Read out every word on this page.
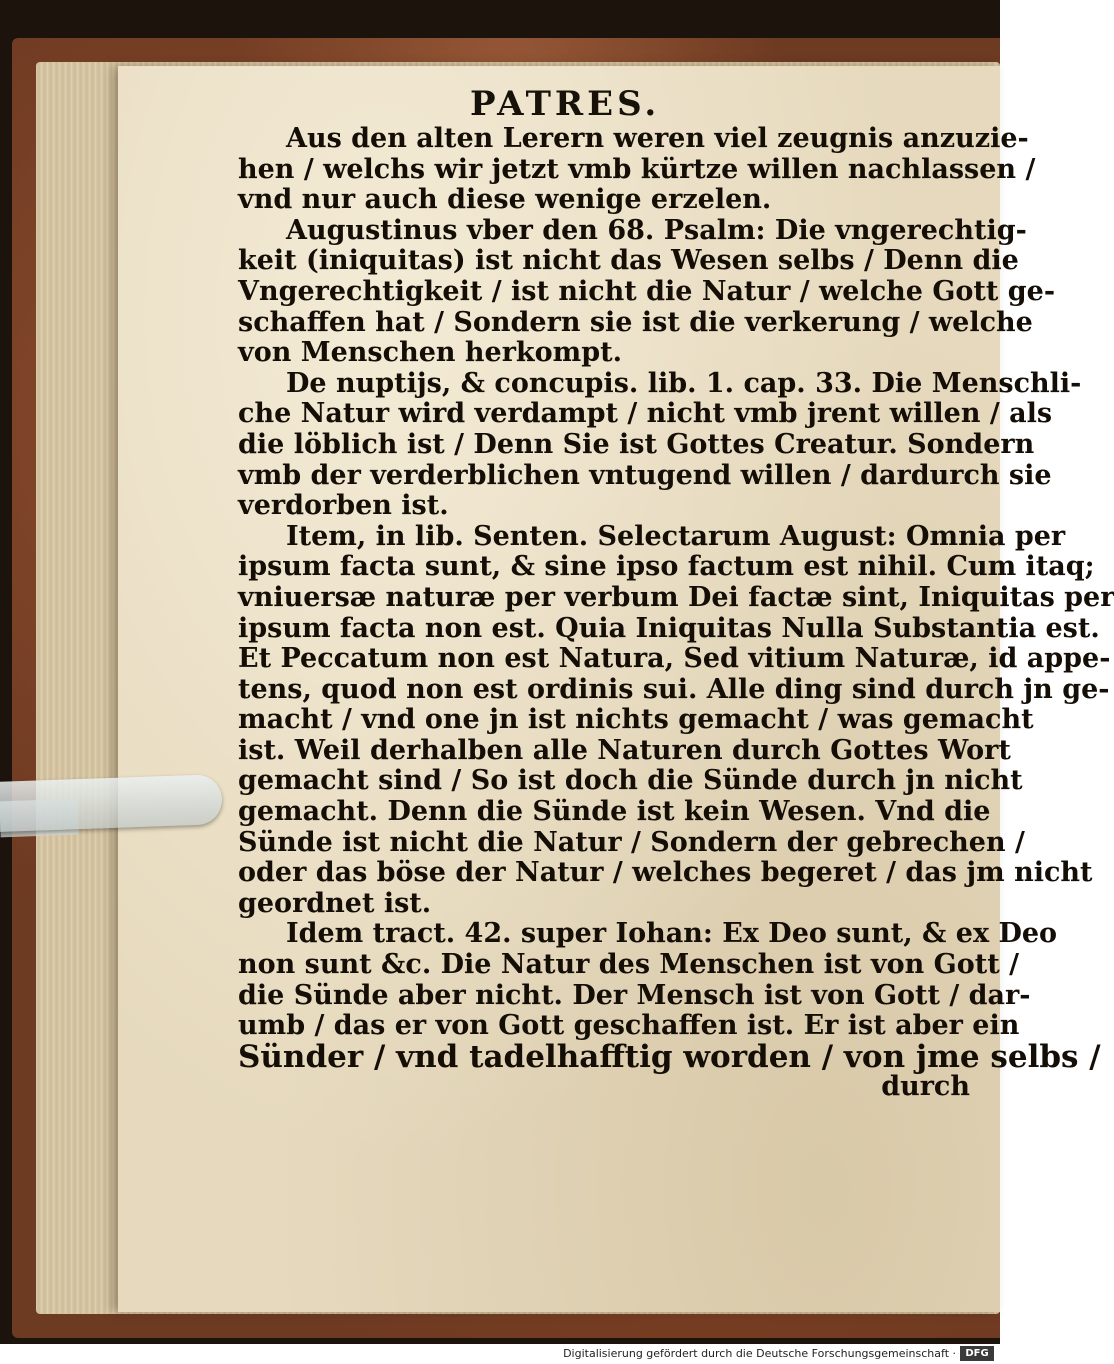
PATRES.
Aus den alten Lerern weren viel zeugnis anzuzie-
hen / welchs wir jetzt vmb kürtze willen nachlassen /
vnd nur auch diese wenige erzelen.
Augustinus vber den 68. Psalm: Die vngerechtig-
keit (iniquitas) ist nicht das Wesen selbs / Denn die
Vngerechtigkeit / ist nicht die Natur / welche Gott ge-
schaffen hat / Sondern sie ist die verkerung / welche
von Menschen herkompt.
De nuptijs, & concupis. lib. 1. cap. 33. Die Menschli-
che Natur wird verdampt / nicht vmb jrent willen / als
die löblich ist / Denn Sie ist Gottes Creatur. Sondern
vmb der verderblichen vntugend willen / dardurch sie
verdorben ist.
Item, in lib. Senten. Selectarum August: Omnia per
ipsum facta sunt, & sine ipso factum est nihil. Cum itaq;
vniuersæ naturæ per verbum Dei factæ sint, Iniquitas per
ipsum facta non est. Quia Iniquitas Nulla Substantia est.
Et Peccatum non est Natura, Sed vitium Naturæ, id appe-
tens, quod non est ordinis sui. Alle ding sind durch jn ge-
macht / vnd one jn ist nichts gemacht / was gemacht
ist. Weil derhalben alle Naturen durch Gottes Wort
gemacht sind / So ist doch die Sünde durch jn nicht
gemacht. Denn die Sünde ist kein Wesen. Vnd die
Sünde ist nicht die Natur / Sondern der gebrechen /
oder das böse der Natur / welches begeret / das jm nicht
geordnet ist.
Idem tract. 42. super Iohan: Ex Deo sunt, & ex Deo
non sunt &c. Die Natur des Menschen ist von Gott /
die Sünde aber nicht. Der Mensch ist von Gott / dar-
umb / das er von Gott geschaffen ist. Er ist aber ein
Sünder / vnd tadelhafftig worden / von jme selbs /
durch
Digitalisierung gefördert durch die Deutsche Forschungsgemeinschaft · DFG
